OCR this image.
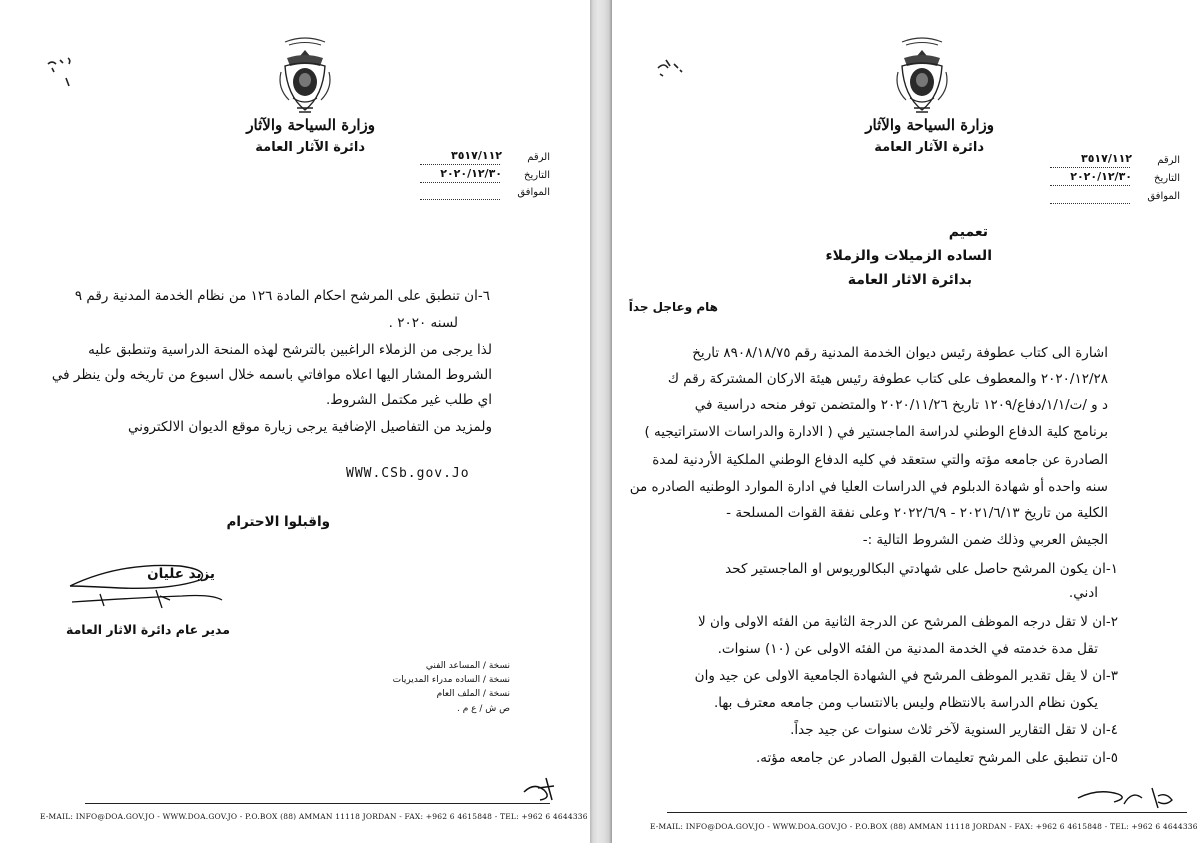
وزارة السياحة والآثار
دائرة الآثار العامة
الرقم
٣٥١٧/١١٢
التاريخ
٢٠٢٠/١٢/٣٠
الموافق
٦-ان تنطبق على المرشح احكام المادة ١٢٦ من نظام الخدمة المدنية رقم ٩
لسنه ٢٠٢٠ .
لذا يرجى من الزملاء الراغبين بالترشح لهذه المنحة الدراسية وتنطبق عليه
الشروط المشار اليها اعلاه موافاتي باسمه خلال اسبوع من تاريخه ولن ينظر في
اي طلب غير مكتمل الشروط.
ولمزيد من التفاصيل الإضافية يرجى زيارة موقع الديوان الالكتروني
WWW.CSb.gov.Jo
واقبلوا الاحترام
يزيد عليان
مدير عام دائرة الاثار العامة
نسخة / المساعد الفني
نسخة / الساده مدراء المديريات
نسخة / الملف العام
ص ش / ع م .
E-MAIL: INFO@DOA.GOV.JO - WWW.DOA.GOV.JO - P.O.BOX (88) AMMAN 11118 JORDAN - FAX: +962 6 4615848 - TEL: +962 6 4644336
وزارة السياحة والآثار
دائرة الآثار العامة
الرقم
٣٥١٧/١١٢
التاريخ
٢٠٢٠/١٢/٣٠
الموافق
تعميم
الساده الزميلات والزملاء
بدائرة الاثار العامة
هام وعاجل جداً
اشارة الى كتاب عطوفة رئيس ديوان الخدمة المدنية رقم ٨٩٠٨/١٨/٧٥ تاريخ
٢٠٢٠/١٢/٢٨ والمعطوف على كتاب عطوفة رئيس هيئة الاركان المشتركة رقم ك
د و /ت/١/١/دفاع/١٢٠٩ تاريخ ٢٠٢٠/١١/٢٦ والمتضمن توفر منحه دراسية في
برنامج كلية الدفاع الوطني لدراسة الماجستير في ( الادارة والدراسات الاستراتيجيه )
الصادرة عن جامعه مؤته والتي ستعقد في كليه الدفاع الوطني الملكية الأردنية لمدة
سنه واحده أو شهادة الدبلوم في الدراسات العليا في ادارة الموارد الوطنيه الصادره من
الكلية من تاريخ ٢٠٢١/٦/١٣ - ٢٠٢٢/٦/٩ وعلى نفقة القوات المسلحة -
الجيش العربي وذلك ضمن الشروط التالية :-
١-ان يكون المرشح حاصل على شهادتي البكالوريوس او الماجستير كحد
ادني.
٢-ان لا تقل درجه الموظف المرشح عن الدرجة الثانية من الفئه الاولى وان لا
تقل مدة خدمته في الخدمة المدنية من الفئه الاولى عن (١٠) سنوات.
٣-ان لا يقل تقدير الموظف المرشح في الشهادة الجامعية الاولى عن جيد وان
يكون نظام الدراسة بالانتظام وليس بالانتساب ومن جامعه معترف بها.
٤-ان لا تقل التقارير السنوية لآخر ثلاث سنوات عن جيد جداً.
٥-ان تنطبق على المرشح تعليمات القبول الصادر عن جامعه مؤته.
E-MAIL: INFO@DOA.GOV.JO - WWW.DOA.GOV.JO - P.O.BOX (88) AMMAN 11118 JORDAN - FAX: +962 6 4615848 - TEL: +962 6 4644336
